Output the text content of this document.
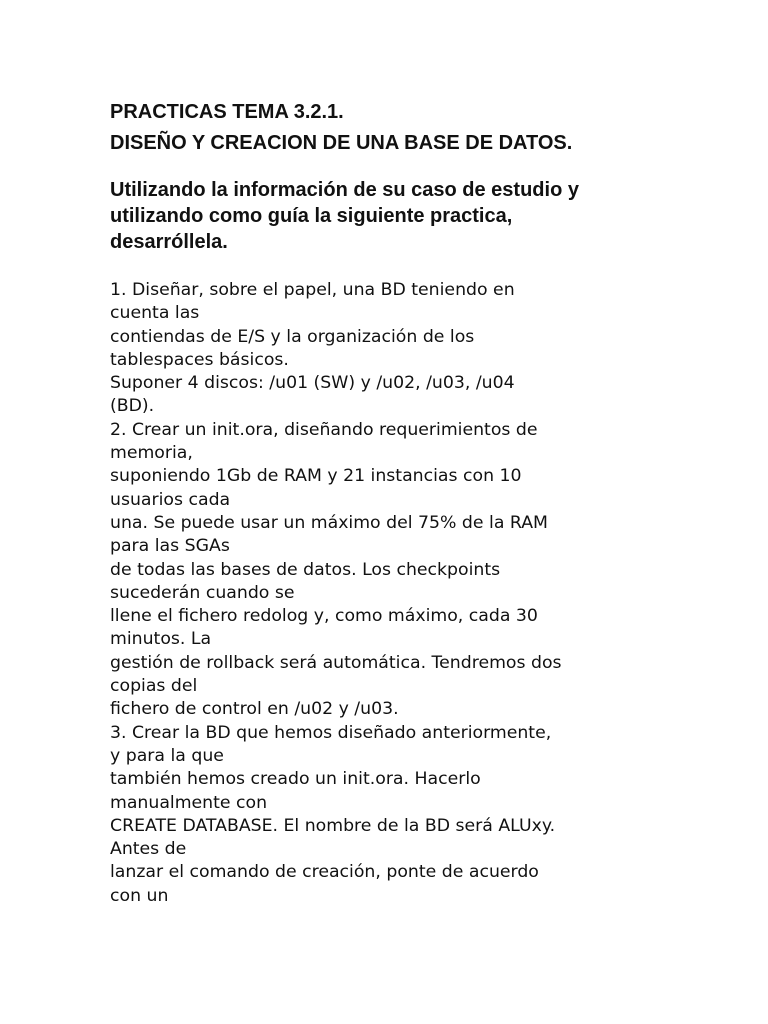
PRACTICAS TEMA 3.2.1.
DISEÑO Y CREACION DE UNA BASE DE DATOS.
Utilizando la información de su caso de estudio y
utilizando como guía la siguiente practica,
desarróllela.
1. Diseñar, sobre el papel, una BD teniendo en
cuenta las
contiendas de E/S y la organización de los
tablespaces básicos.
Suponer 4 discos: /u01 (SW) y /u02, /u03, /u04
(BD).
2. Crear un init.ora, diseñando requerimientos de
memoria,
suponiendo 1Gb de RAM y 21 instancias con 10
usuarios cada
una. Se puede usar un máximo del 75% de la RAM
para las SGAs
de todas las bases de datos. Los checkpoints
sucederán cuando se
llene el fichero redolog y, como máximo, cada 30
minutos. La
gestión de rollback será automática. Tendremos dos
copias del
fichero de control en /u02 y /u03.
3. Crear la BD que hemos diseñado anteriormente,
y para la que
también hemos creado un init.ora. Hacerlo
manualmente con
CREATE DATABASE. El nombre de la BD será ALUxy.
Antes de
lanzar el comando de creación, ponte de acuerdo
con un
